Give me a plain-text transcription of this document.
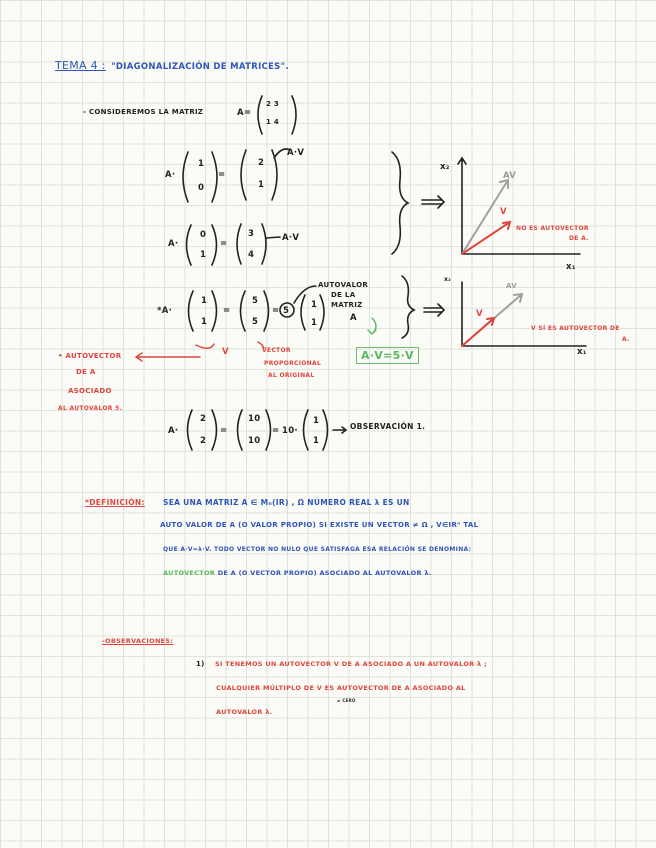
TEMA 4 : "DIAGONALIZACIÓN DE MATRICES".
- CONSIDEREMOS LA MATRIZ	A=
2 3
1 4
A·
1
0
=
2
1
A·V
A·
0
1
=
3
4
A·V
*A·
1
1
=
5
5
= 5
1
1
AUTOVALOR
DE LA
MATRIZ
A
V	VECTOR
PROPORCIONAL
AL ORIGINAL
A·V=5·V
• AUTOVECTOR
DE A
ASOCIADO
AL AUTOVALOR 5.
A·
2
2
=
10
10
= 10·
1
1
OBSERVACIÓN 1.
x₂
x₁
AV
V
NO ES AUTOVECTOR
DE A.
x₂
x₁
AV
V
V SÍ ES AUTOVECTOR DE
A.
*DEFINICIÓN: SEA UNA MATRIZ A ∈ Mₙ(IR) , Ω NÚMERO REAL λ ES UN
AUTO VALOR DE A (O VALOR PROPIO) SI EXISTE UN VECTOR ≠ Ω , V∈IRⁿ TAL
QUE A·V=λ·V. TODO VECTOR NO NULO QUE SATISFAGA ESA RELACIÓN SE DENOMINA:
AUTOVECTOR DE A (O VECTOR PROPIO) ASOCIADO AL AUTOVALOR λ.
-OBSERVACIONES:
1) SI TENEMOS UN AUTOVECTOR V DE A ASOCIADO A UN AUTOVALOR λ ;
CUALQUIER MÚLTIPLO DE V ES AUTOVECTOR DE A ASOCIADO AL
AUTOVALOR λ.
≠ CERO
